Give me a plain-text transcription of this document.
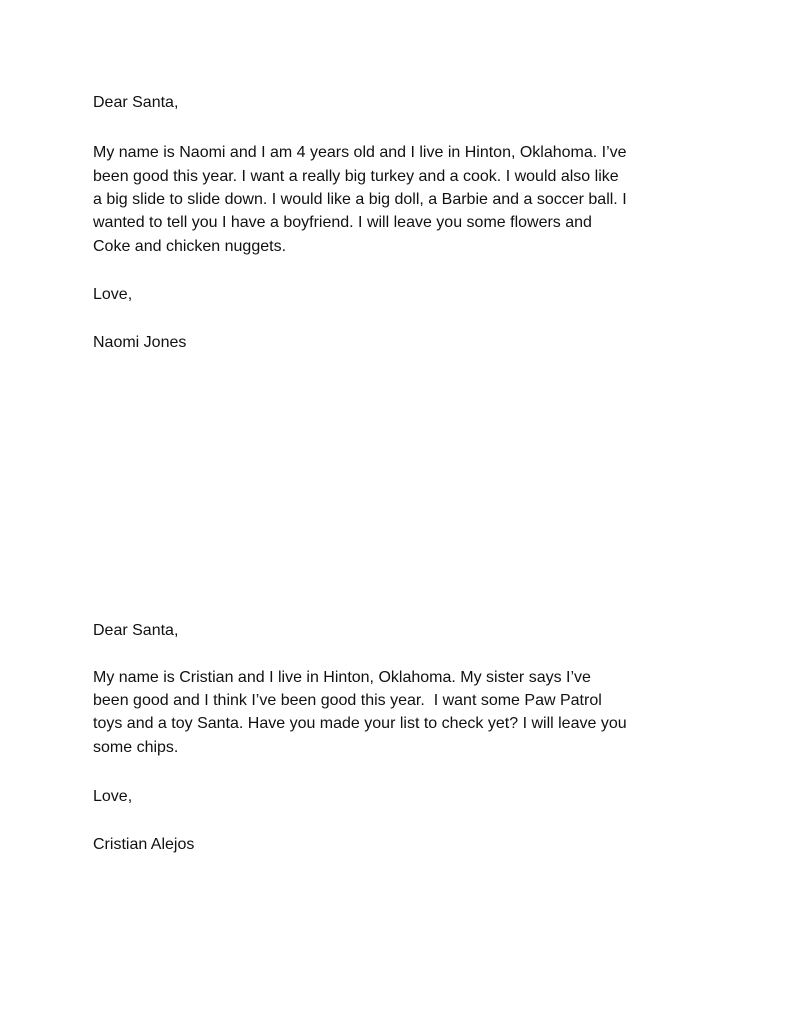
Dear Santa,
My name is Naomi and I am 4 years old and I live in Hinton, Oklahoma. I’ve
been good this year. I want a really big turkey and a cook. I would also like
a big slide to slide down. I would like a big doll, a Barbie and a soccer ball. I
wanted to tell you I have a boyfriend. I will leave you some flowers and
Coke and chicken nuggets.
Love,
Naomi Jones
Dear Santa,
My name is Cristian and I live in Hinton, Oklahoma. My sister says I’ve
been good and I think I’ve been good this year.  I want some Paw Patrol
toys and a toy Santa. Have you made your list to check yet? I will leave you
some chips.
Love,
Cristian Alejos
